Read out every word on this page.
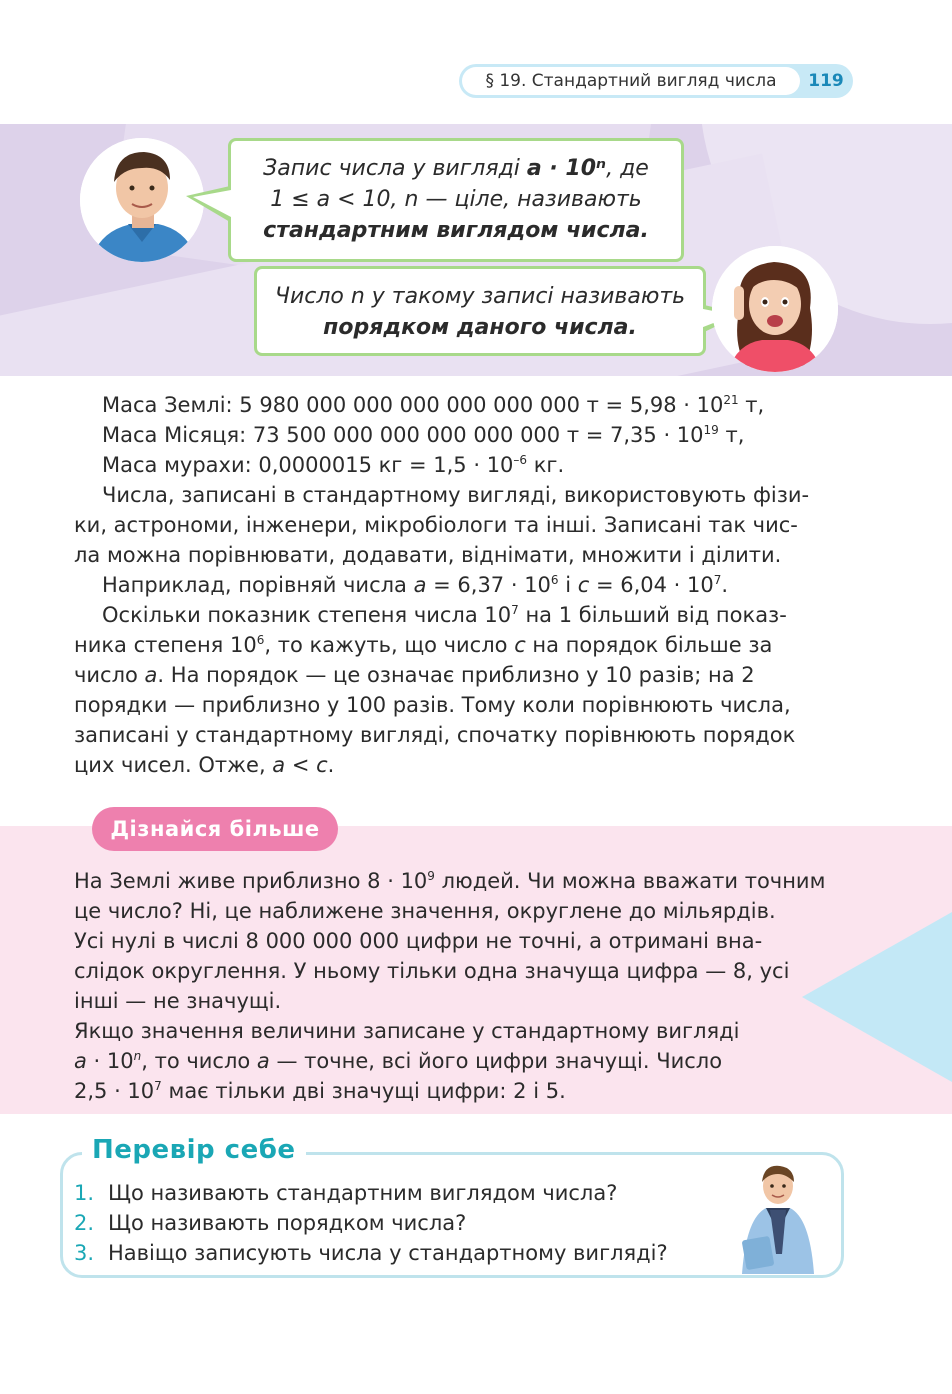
§ 19. Стандартний вигляд числа	119
Запис числа у вигляді a · 10ⁿ, де
1 ≤ a < 10, n — ціле, називають
стандартним виглядом числа.
Число n у такому записі називають
порядком даного числа.
Маса Землі: 5 980 000 000 000 000 000 000 $т = 5,98 \cdot 10^{21}$ т,
Маса Місяця: 73 500 000 000 000 000 000 $т = 7,35 \cdot 10^{19}$ т,
Маса мурахи: 0,0000015 кг = $1,5 \cdot 10^{-6}$ кг.
Числа, записані в стандартному вигляді, використовують фізи-
ки, астрономи, інженери, мікробіологи та інші. Записані так чис-
ла можна порівнювати, додавати, віднімати, множити і ділити.
Наприклад, порівняй числа $a = 6,37 \cdot 10^6$ і $c = 6,04 \cdot 10^7$.
Оскільки показник степеня числа $10^7$ на 1 більший від показ-
ника степеня $10^6$, то кажуть, що число c на порядок більше за
число a. На порядок — це означає приблизно у 10 разів; на 2
порядки — приблизно у 100 разів. Тому коли порівнюють числа,
записані у стандартному вигляді, спочатку порівнюють порядок
цих чисел. Отже, a < c.
Дізнайся більше
На Землі живе приблизно $8 \cdot 10^9$ людей. Чи можна вважати точним
це число? Ні, це наближене значення, округлене до мільярдів.
Усі нулі в числі 8 000 000 000 цифри не точні, а отримані вна-
слідок округлення. У ньому тільки одна значуща цифра — 8, усі
інші — не значущі.
Якщо значення величини записане у стандартному вигляді
$a \cdot 10^n$, то число a — точне, всі його цифри значущі. Число
$2,5 \cdot 10^7$ має тільки дві значущі цифри: 2 і 5.
Перевір себе
1. Що називають стандартним виглядом числа?
2. Що називають порядком числа?
3. Навіщо записують числа у стандартному вигляді?
